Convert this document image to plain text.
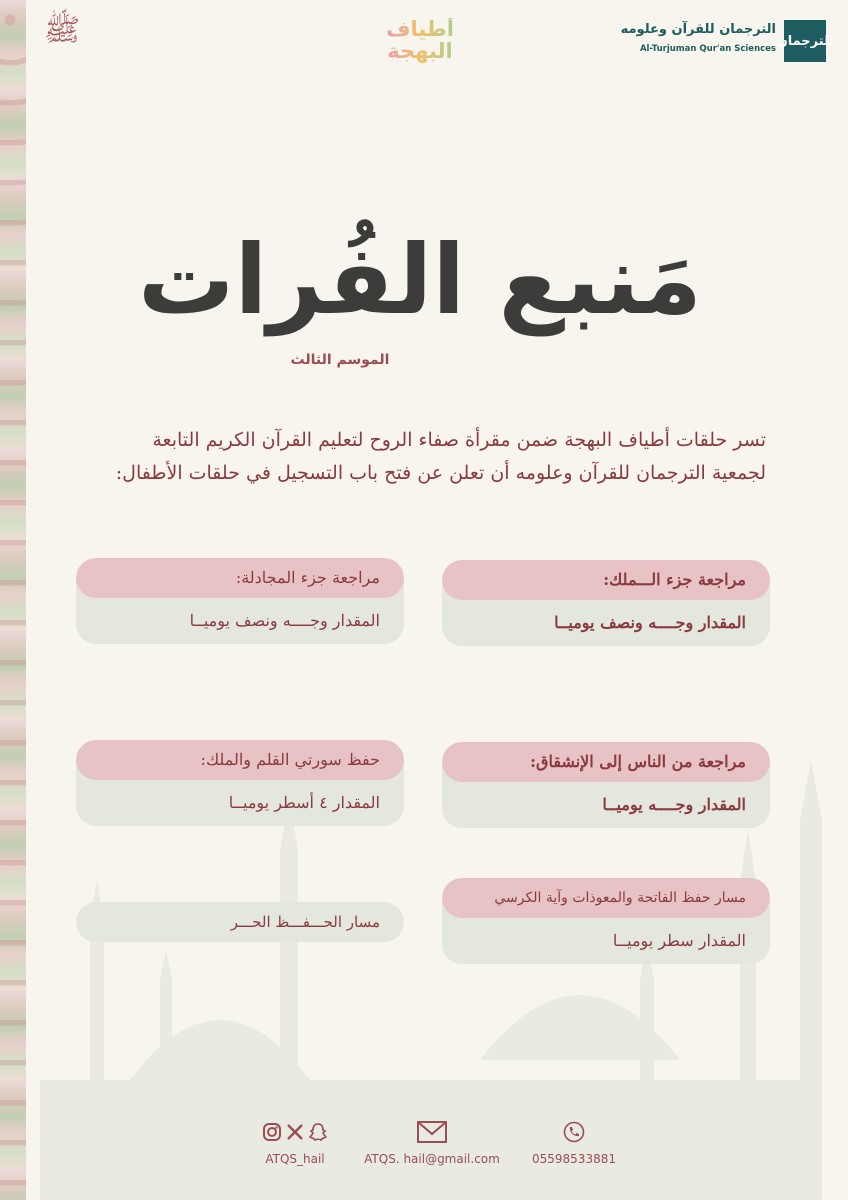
ﷺ	أطياف البهجة	الترجمان
الترجمان للقرآن وعلومه
Al-Turjuman Qur'an Sciences
مَنبع الفُرات
الموسم الثالث
تسر حلقات أطياف البهجة ضمن مقرأة صفاء الروح لتعليم القرآن الكريم التابعة لجمعية الترجمان للقرآن وعلومه أن تعلن عن فتح باب التسجيل في حلقات الأطفال:
مراجعة جزء الـــملك:
المقدار وجــــه ونصف يوميــا
مراجعة جزء المجادلة:
المقدار وجــــه ونصف يوميــا
مراجعة من الناس إلى الإنشقاق:
المقدار وجــــه يوميــا
حفظ سورتي القلم والملك:
المقدار ٤ أسطر يوميــا
مسار حفظ الفاتحة والمعوذات وآية الكرسي
المقدار سطر يوميــا
مسار الحـــفـــظ الحـــر
ATQS_hail	ATQS. hail@gmail.com	05598533881
